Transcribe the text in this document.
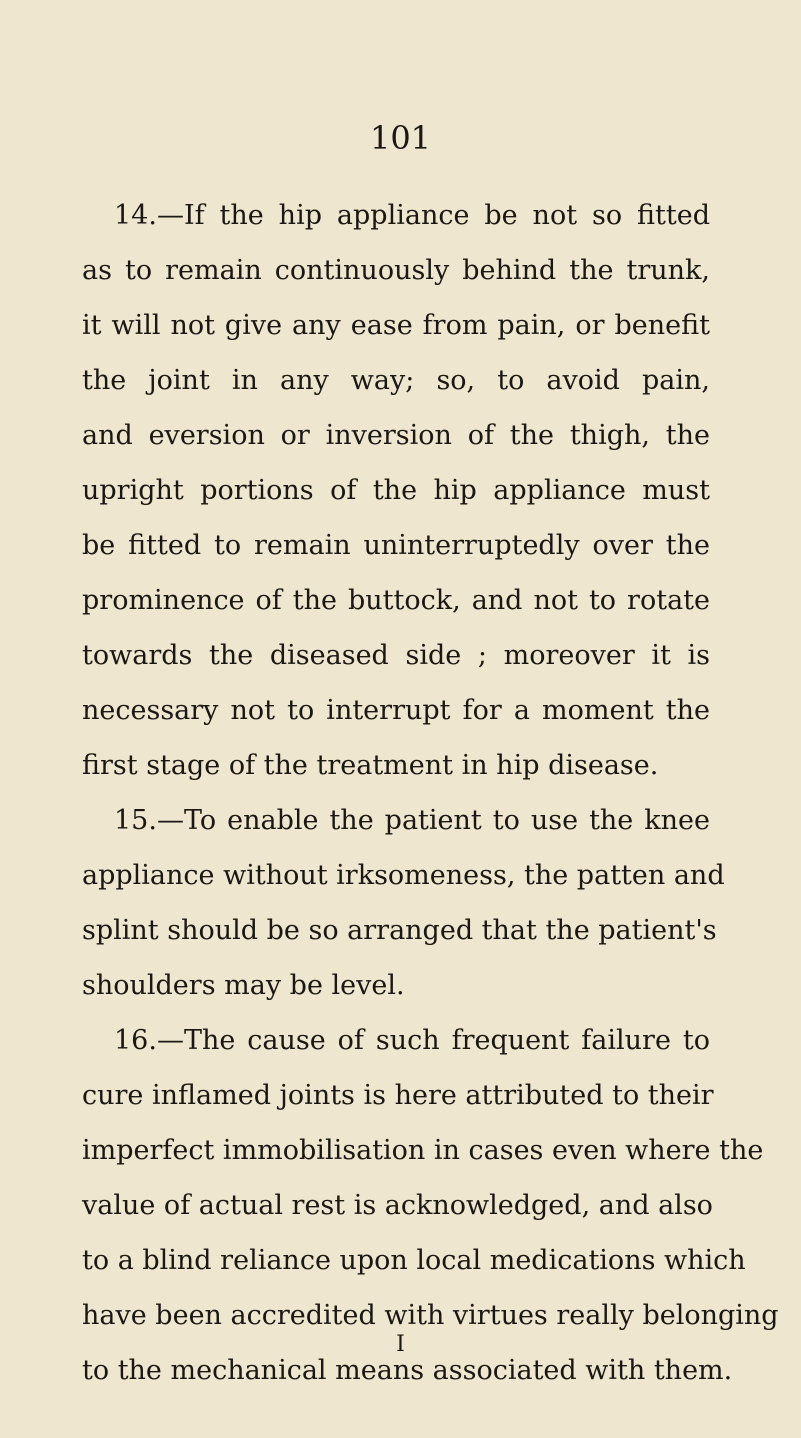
101
14.—If the hip appliance be not so fitted
as to remain continuously behind the trunk,
it will not give any ease from pain, or benefit
the joint in any way; so, to avoid pain,
and eversion or inversion of the thigh, the
upright portions of the hip appliance must
be fitted to remain uninterruptedly over the
prominence of the buttock, and not to rotate
towards the diseased side ; moreover it is
necessary not to interrupt for a moment the
first stage of the treatment in hip disease.
15.—To enable the patient to use the knee
appliance without irksomeness, the patten and
splint should be so arranged that the patient's
shoulders may be level.
16.—The cause of such frequent failure to
cure inflamed joints is here attributed to their
imperfect immobilisation in cases even where the
value of actual rest is acknowledged, and also
to a blind reliance upon local medications which
have been accredited with virtues really belonging
to the mechanical means associated with them.
I
